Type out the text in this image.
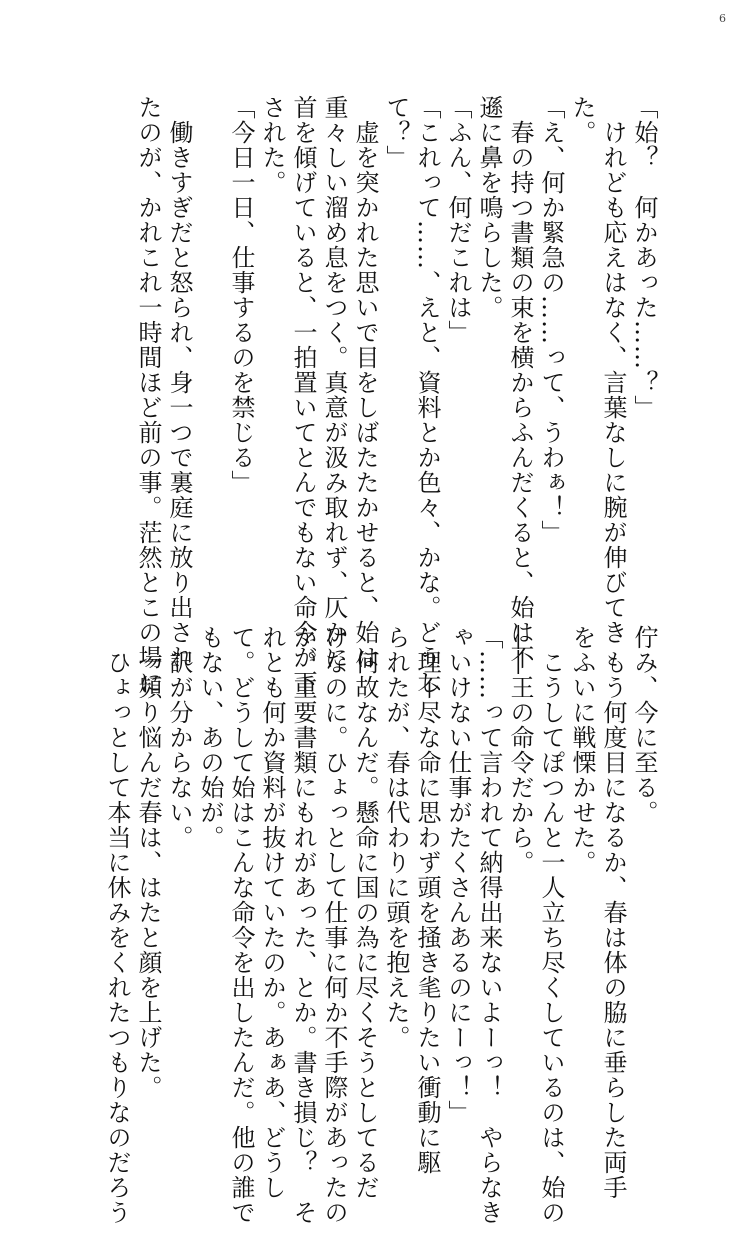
6
「始？　何かあった……？」
　けれども応えはなく、言葉なしに腕が伸びてき
た。
「え、何か緊急の……って、うわぁ！」
　春の持つ書類の束を横からふんだくると、始は不
遜に鼻を鳴らした。
「ふん、何だこれは」
「これって……、えと、資料とか色々、かな。どうし
て？」
　虚を突かれた思いで目をしばたたかせると、始は
重々しい溜め息をつく。真意が汲み取れず、仄かに
首を傾げていると、一拍置いてとんでもない命令が下
された。
「今日一日、仕事するのを禁じる」

　働きすぎだと怒られ、身一つで裏庭に放り出され
たのが、かれこれ一時間ほど前の事。茫然とこの場に
佇み、今に至る。
　もう何度目になるか、春は体の脇に垂らした両手
をふいに戦慄かせた。
　こうしてぽつんと一人立ち尽くしているのは、始の
――王の命令だから。
「……って言われて納得出来ないよーっ！　やらなき
ゃいけない仕事がたくさんあるのにーっ！」
　理不尽な命に思わず頭を掻き毟りたい衝動に駆
られたが、春は代わりに頭を抱えた。
　何故なんだ。懸命に国の為に尽くそうとしてるだ
けなのに。ひょっとして仕事に何か不手際があったの
か。重要書類にもれがあった、とか。書き損じ？　そ
れとも何か資料が抜けていたのか。あぁあ、どうし
て。どうして始はこんな命令を出したんだ。他の誰で
もない、あの始が。
　訳が分からない。
　一頻り悩んだ春は、はたと顔を上げた。
　ひょっとして本当に休みをくれたつもりなのだろう
